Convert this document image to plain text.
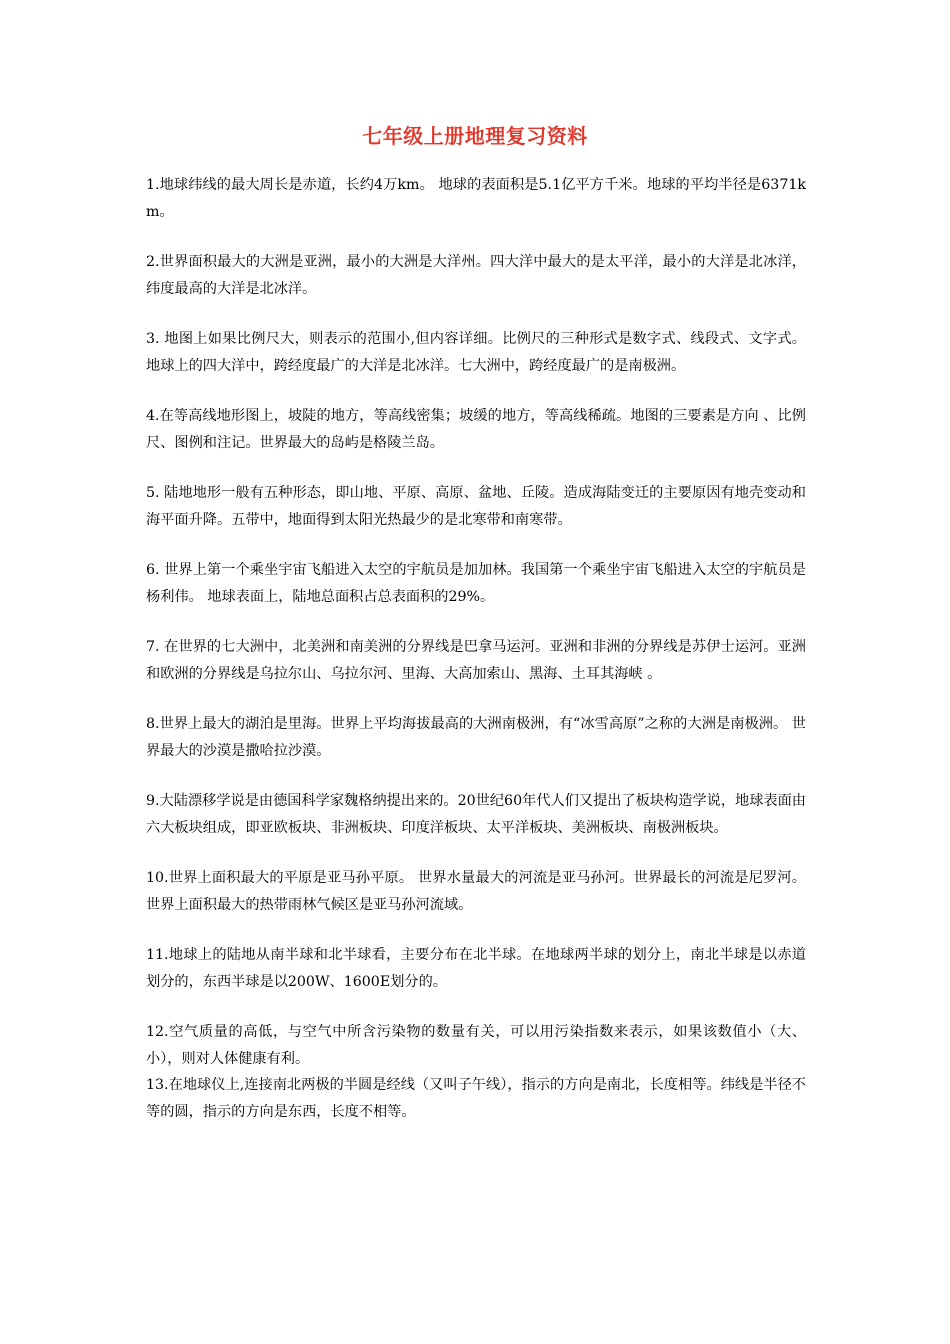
七年级上册地理复习资料

1.地球纬线的最大周长是赤道，长约4万km。 地球的表面积是5.1亿平方千米。地球的平均半径是6371km。

2.世界面积最大的大洲是亚洲，最小的大洲是大洋州。四大洋中最大的是太平洋，最小的大洋是北冰洋，纬度最高的大洋是北冰洋。

3. 地图上如果比例尺大，则表示的范围小,但内容详细。比例尺的三种形式是数字式、线段式、文字式。地球上的四大洋中，跨经度最广的大洋是北冰洋。七大洲中，跨经度最广的是南极洲。

4.在等高线地形图上，坡陡的地方，等高线密集；坡缓的地方，等高线稀疏。地图的三要素是方向 、比例尺、图例和注记。世界最大的岛屿是格陵兰岛。

5. 陆地地形一般有五种形态，即山地、平原、高原、盆地、丘陵。造成海陆变迁的主要原因有地壳变动和海平面升降。五带中，地面得到太阳光热最少的是北寒带和南寒带。

6. 世界上第一个乘坐宇宙飞船进入太空的宇航员是加加林。我国第一个乘坐宇宙飞船进入太空的宇航员是杨利伟。 地球表面上，陆地总面积占总表面积的29%。

7. 在世界的七大洲中，北美洲和南美洲的分界线是巴拿马运河。亚洲和非洲的分界线是苏伊士运河。亚洲和欧洲的分界线是乌拉尔山、乌拉尔河、里海、大高加索山、黑海、土耳其海峡 。

8.世界上最大的湖泊是里海。世界上平均海拔最高的大洲南极洲，有“冰雪高原”之称的大洲是南极洲。 世界最大的沙漠是撒哈拉沙漠。

9.大陆漂移学说是由德国科学家魏格纳提出来的。20世纪60年代人们又提出了板块构造学说，地球表面由六大板块组成，即亚欧板块、非洲板块、印度洋板块、太平洋板块、美洲板块、南极洲板块。

10.世界上面积最大的平原是亚马孙平原。 世界水量最大的河流是亚马孙河。世界最长的河流是尼罗河。世界上面积最大的热带雨林气候区是亚马孙河流域。

11.地球上的陆地从南半球和北半球看，主要分布在北半球。在地球两半球的划分上，南北半球是以赤道划分的，东西半球是以200W、1600E划分的。

12.空气质量的高低，与空气中所含污染物的数量有关，可以用污染指数来表示，如果该数值小（大、小），则对人体健康有利。

13.在地球仪上,连接南北两极的半圆是经线（又叫子午线），指示的方向是南北，长度相等。纬线是半径不等的圆，指示的方向是东西，长度不相等。
